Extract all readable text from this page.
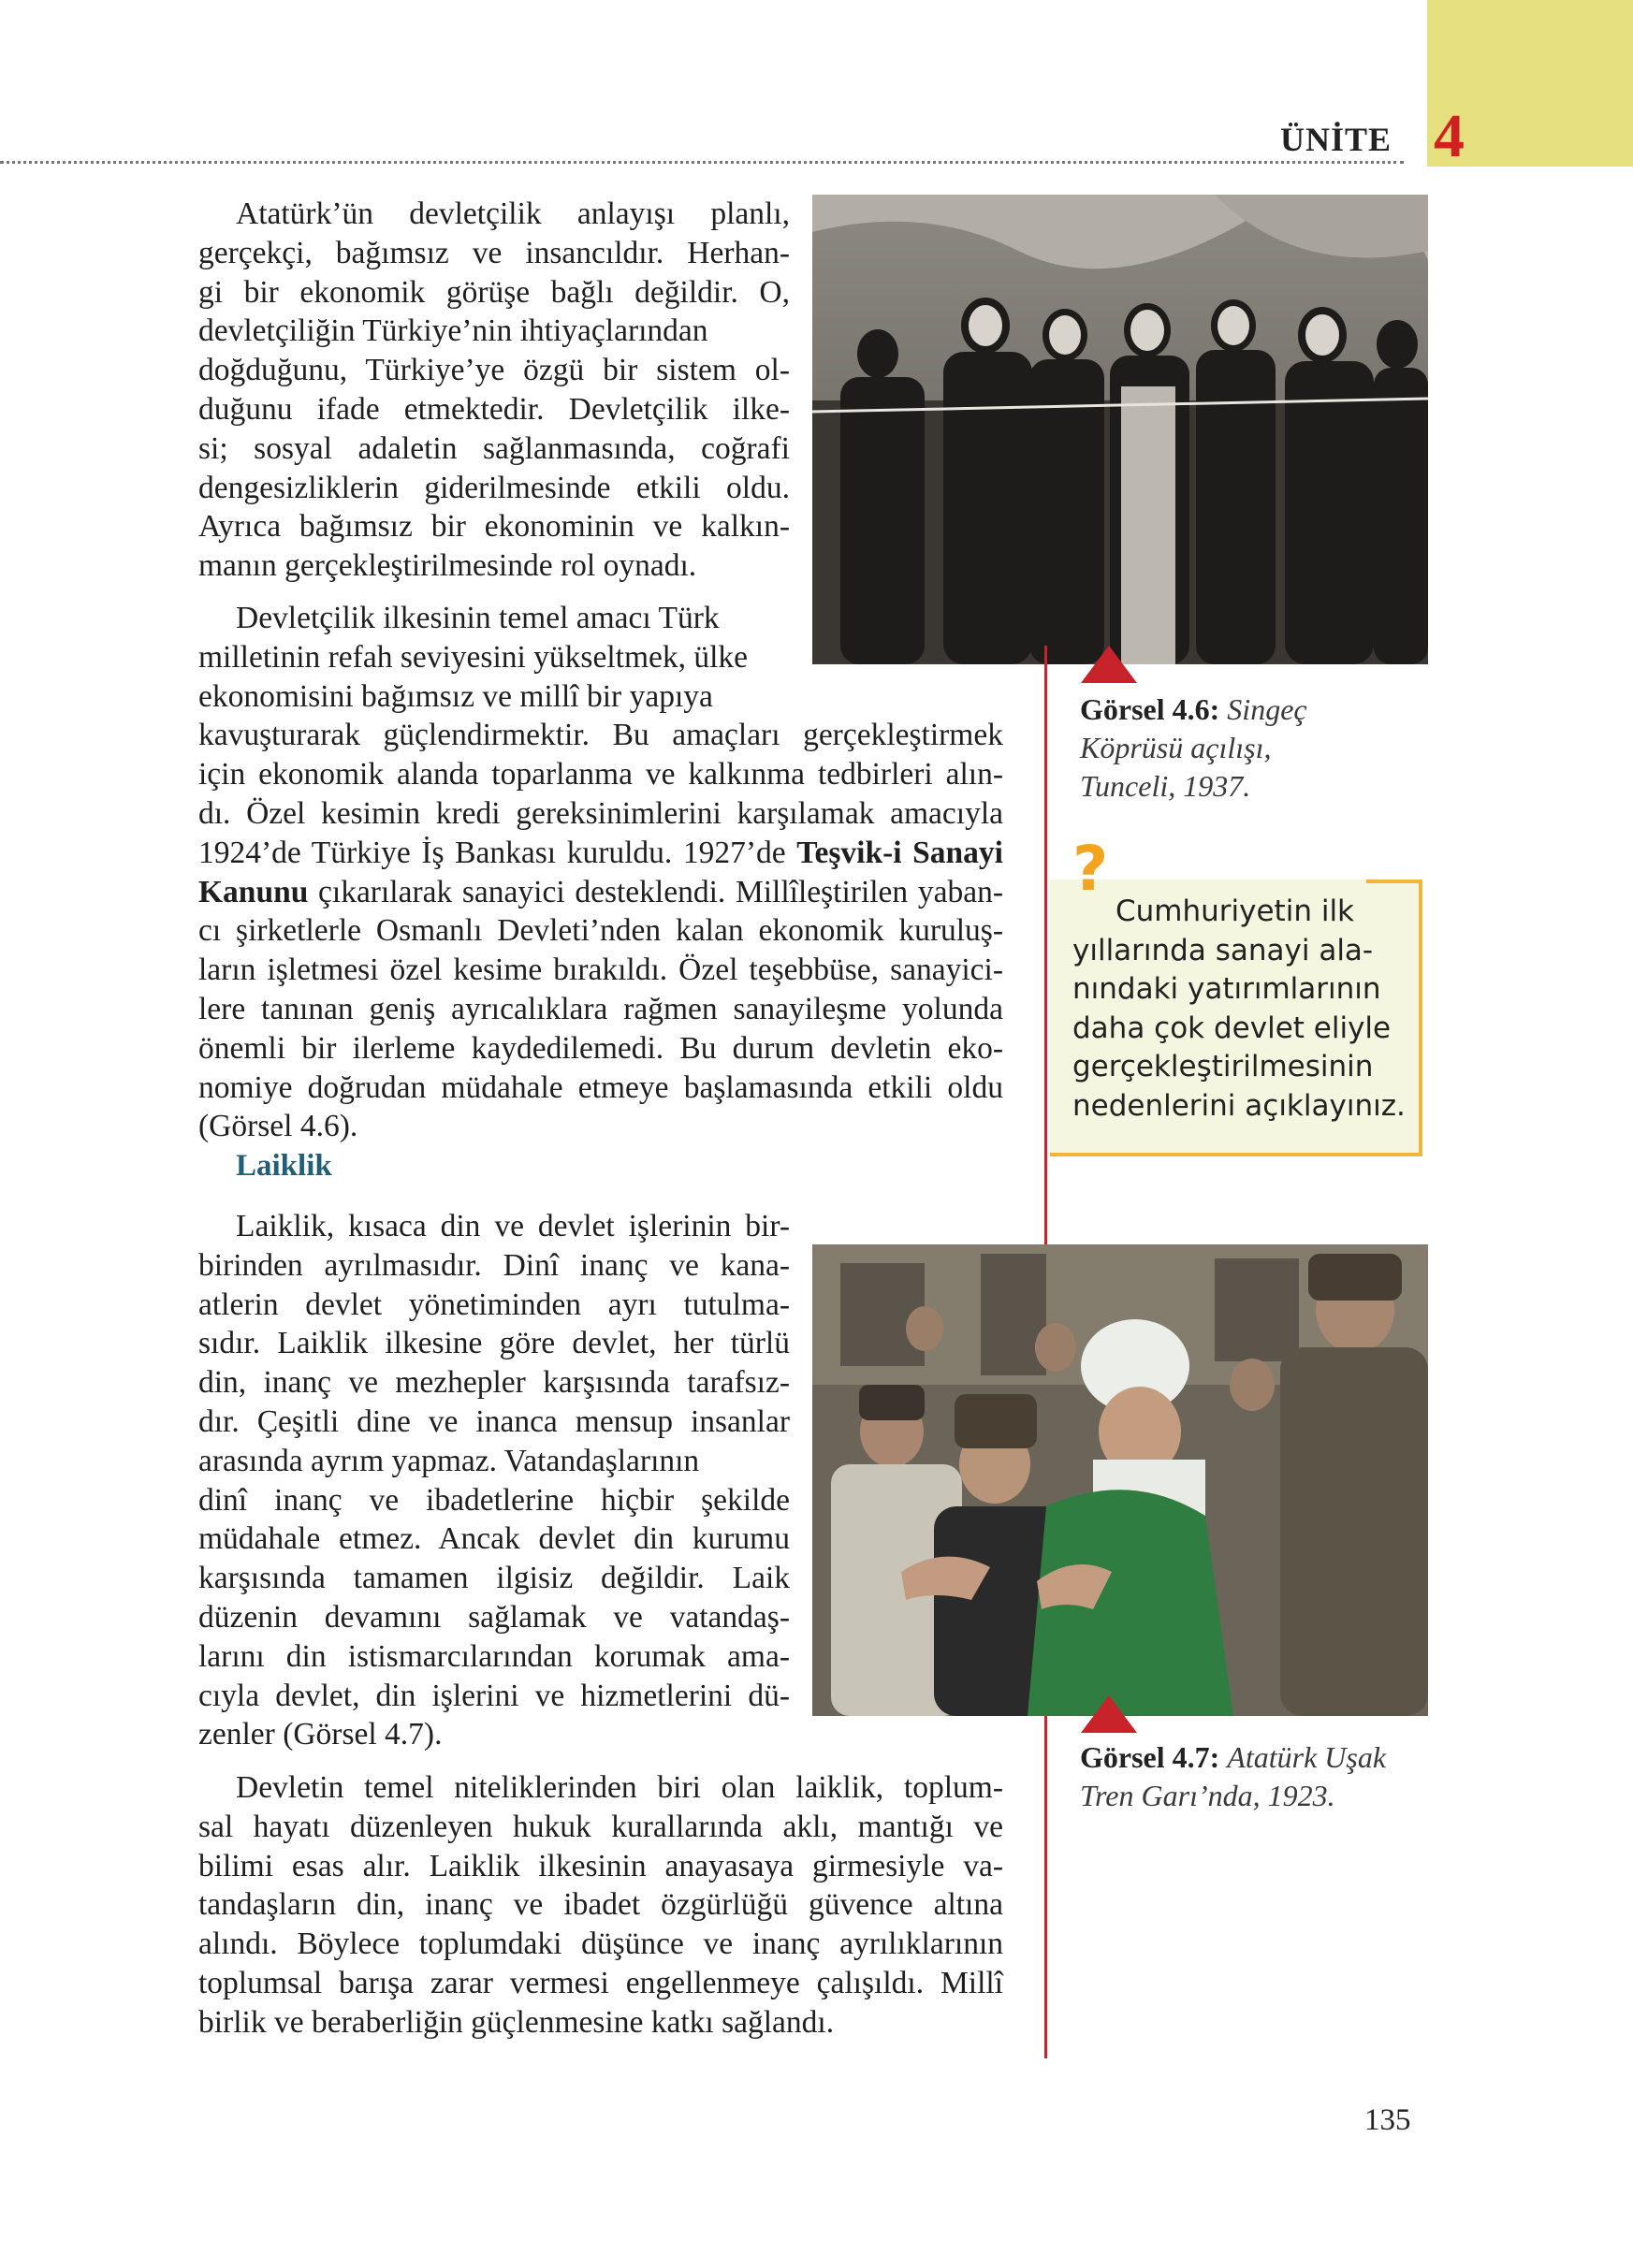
ÜNİTE 4
Görsel 4.6: Singeç
Köprüsü açılışı,
Tunceli, 1937.
?
Cumhuriyetin ilk
yıllarında sanayi ala-
nındaki yatırımlarının
daha çok devlet eliyle
gerçekleştirilmesinin
nedenlerini açıklayınız.
Atatürk’ün devletçilik anlayışı planlı,
gerçekçi, bağımsız ve insancıldır. Herhan-
gi bir ekonomik görüşe bağlı değildir. O,
devletçiliğin Türkiye’nin ihtiyaçlarından
doğduğunu, Türkiye’ye özgü bir sistem ol-
duğunu ifade etmektedir. Devletçilik ilke-
si; sosyal adaletin sağlanmasında, coğrafi
dengesizliklerin giderilmesinde etkili oldu.
Ayrıca bağımsız bir ekonominin ve kalkın-
manın gerçekleştirilmesinde rol oynadı.
Devletçilik ilkesinin temel amacı Türk
milletinin refah seviyesini yükseltmek, ülke
ekonomisini bağımsız ve millî bir yapıya
kavuşturarak güçlendirmektir. Bu amaçları gerçekleştirmek
için ekonomik alanda toparlanma ve kalkınma tedbirleri alın-
dı. Özel kesimin kredi gereksinimlerini karşılamak amacıyla
1924’de Türkiye İş Bankası kuruldu. 1927’de Teşvik-i Sanayi
Kanunu çıkarılarak sanayici desteklendi. Millîleştirilen yaban-
cı şirketlerle Osmanlı Devleti’nden kalan ekonomik kuruluş-
ların işletmesi özel kesime bırakıldı. Özel teşebbüse, sanayici-
lere tanınan geniş ayrıcalıklara rağmen sanayileşme yolunda
önemli bir ilerleme kaydedilemedi. Bu durum devletin eko-
nomiye doğrudan müdahale etmeye başlamasında etkili oldu
(Görsel 4.6).
Laiklik
Görsel 4.7: Atatürk Uşak
Tren Garı’nda, 1923.
Laiklik, kısaca din ve devlet işlerinin bir-
birinden ayrılmasıdır. Dinî inanç ve kana-
atlerin devlet yönetiminden ayrı tutulma-
sıdır. Laiklik ilkesine göre devlet, her türlü
din, inanç ve mezhepler karşısında tarafsız-
dır. Çeşitli dine ve inanca mensup insanlar
arasında ayrım yapmaz. Vatandaşlarının
dinî inanç ve ibadetlerine hiçbir şekilde
müdahale etmez. Ancak devlet din kurumu
karşısında tamamen ilgisiz değildir. Laik
düzenin devamını sağlamak ve vatandaş-
larını din istismarcılarından korumak ama-
cıyla devlet, din işlerini ve hizmetlerini dü-
zenler (Görsel 4.7).
Devletin temel niteliklerinden biri olan laiklik, toplum-
sal hayatı düzenleyen hukuk kurallarında aklı, mantığı ve
bilimi esas alır. Laiklik ilkesinin anayasaya girmesiyle va-
tandaşların din, inanç ve ibadet özgürlüğü güvence altına
alındı. Böylece toplumdaki düşünce ve inanç ayrılıklarının
toplumsal barışa zarar vermesi engellenmeye çalışıldı. Millî
birlik ve beraberliğin güçlenmesine katkı sağlandı.
135
